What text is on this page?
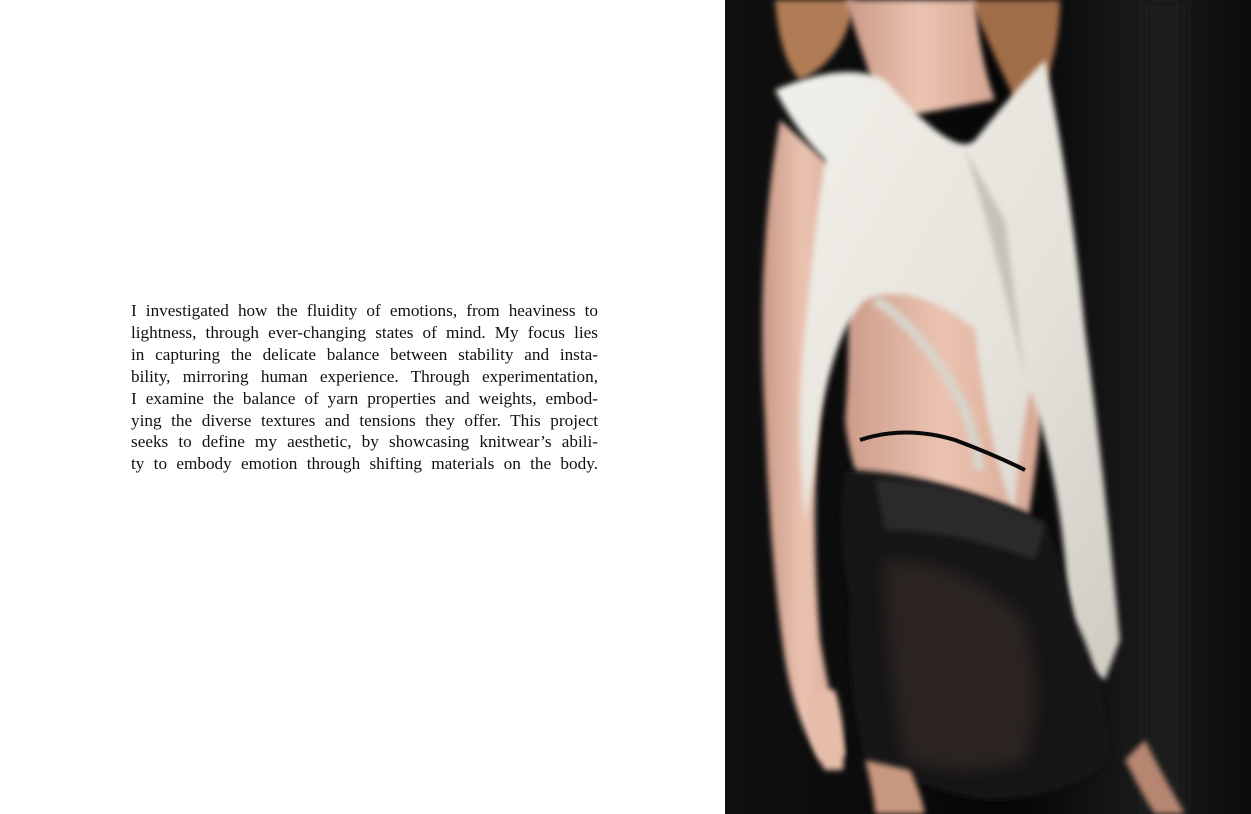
I investigated how the fluidity of emotions, from heaviness to
lightness, through ever-changing states of mind. My focus lies
in capturing the delicate balance between stability and insta-
bility, mirroring human experience. Through experimentation,
I examine the balance of yarn properties and weights, embod-
ying the diverse textures and tensions they offer. This project
seeks to define my aesthetic, by showcasing knitwear’s abili-
ty to embody emotion through shifting materials on the body.
